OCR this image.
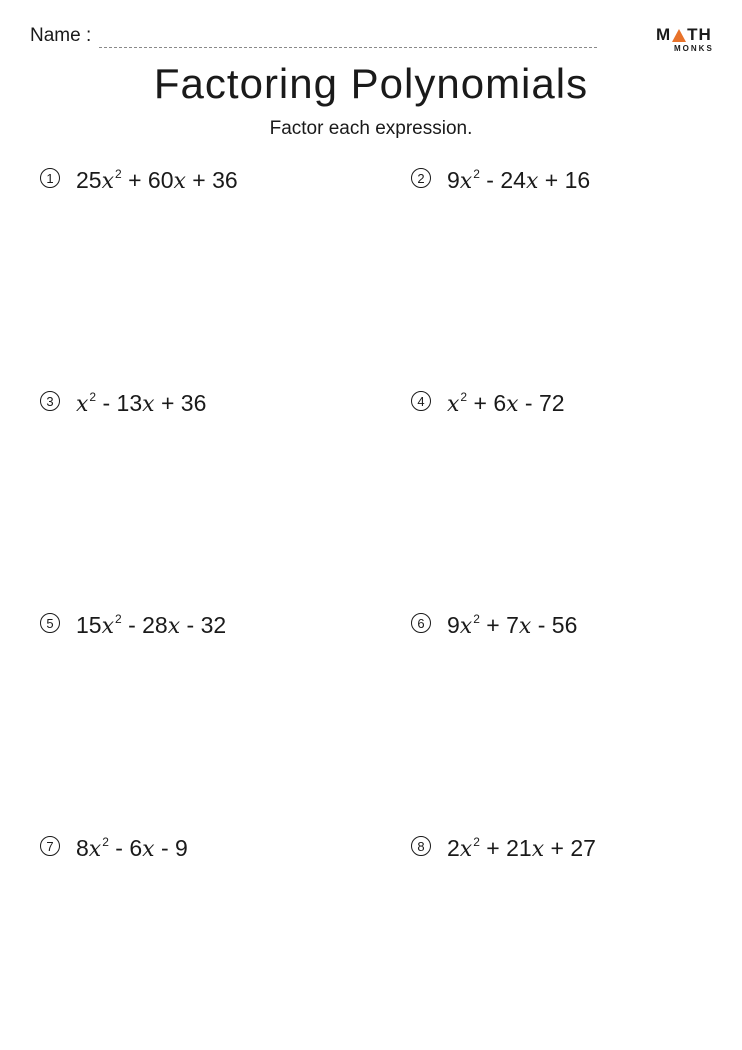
Name :	M TH
MONKS
Factoring Polynomials
Factor each expression.
1 $25x^2 + 60x + 36$	2 $9x^2 - 24x + 16$
3 $x^2 - 13x + 36$	4 $x^2 + 6x - 72$
5 $15x^2 - 28x - 32$	6 $9x^2 + 7x - 56$
7 $8x^2 - 6x - 9$	8 $2x^2 + 21x + 27$
